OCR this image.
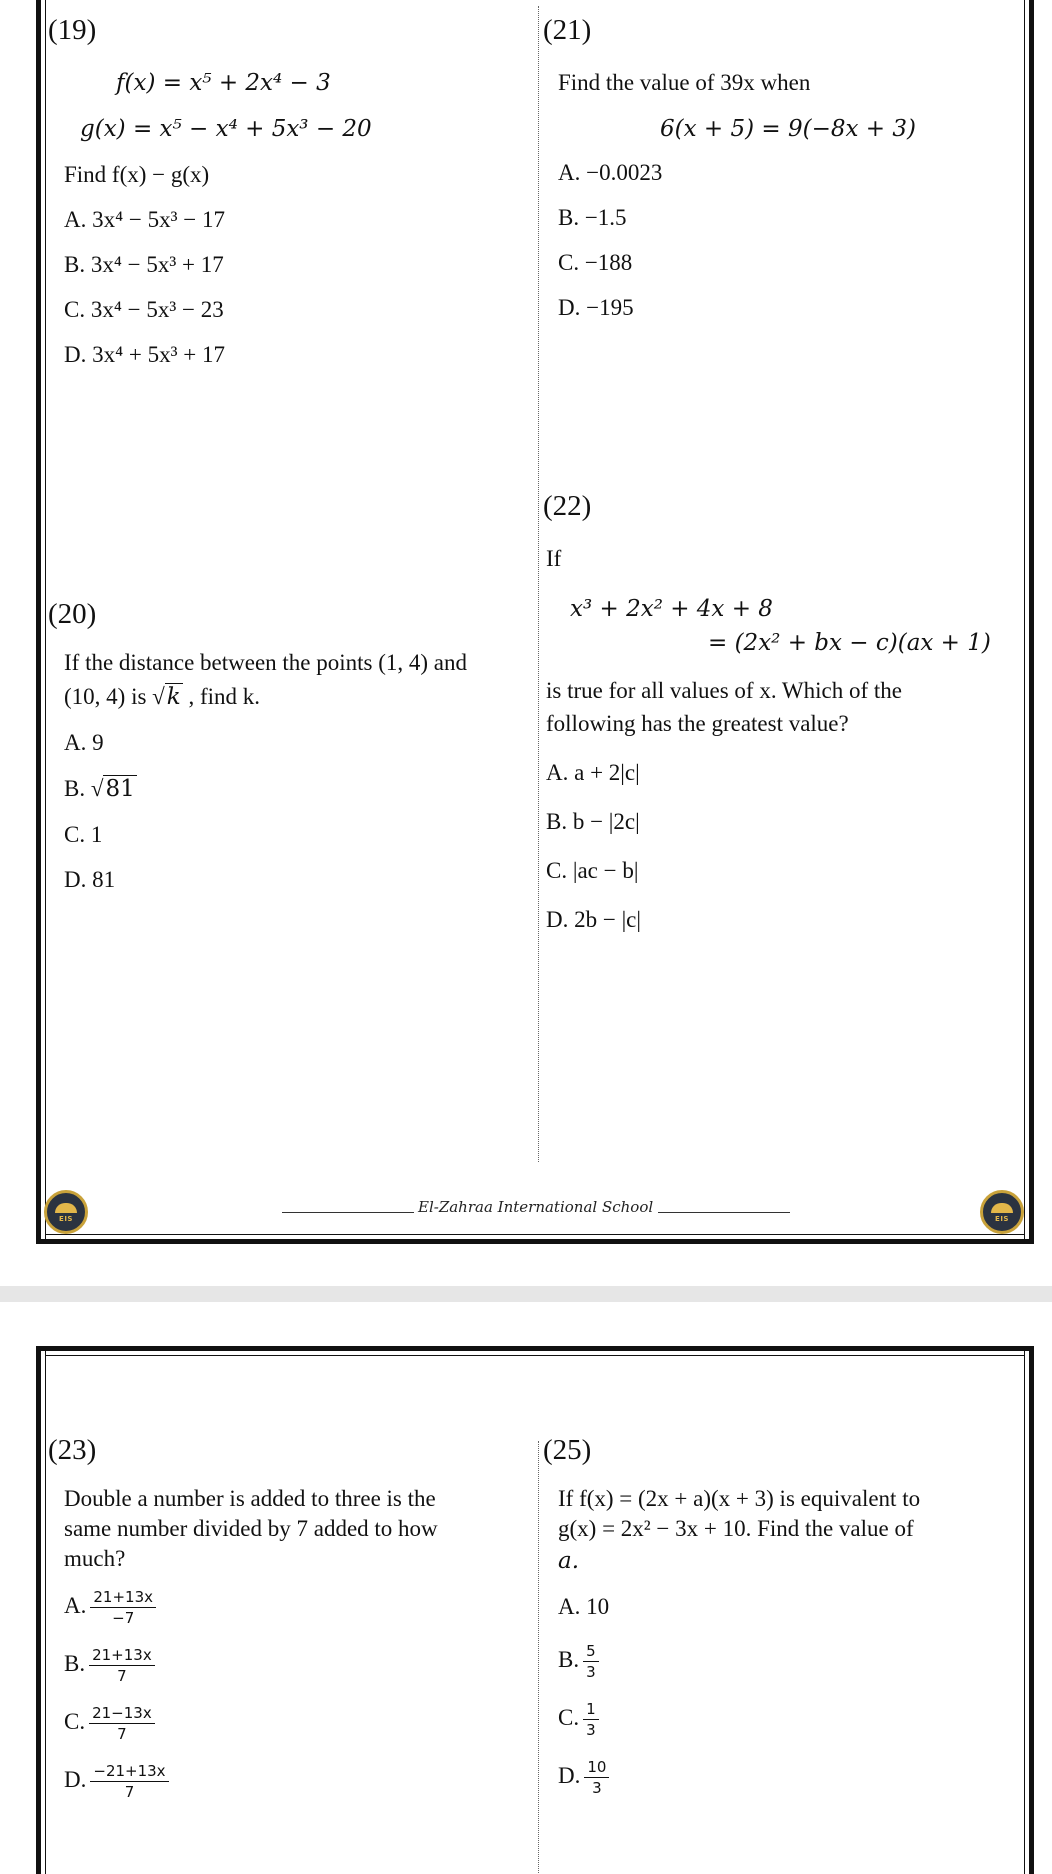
(19)
f(x) = x⁵ + 2x⁴ − 3
g(x) = x⁵ − x⁴ + 5x³ − 20
Find f(x) − g(x)
A. 3x⁴ − 5x³ − 17
B. 3x⁴ − 5x³ + 17
C. 3x⁴ − 5x³ − 23
D. 3x⁴ + 5x³ + 17
(21)
Find the value of 39x when
6(x + 5) = 9(−8x + 3)
A. −0.0023
B. −1.5
C. −188
D. −195
(22)
If
x³ + 2x² + 4x + 8
= (2x² + bx − c)(ax + 1)
is true for all values of x. Which of the
following has the greatest value?
A. a + 2|c|
B. b − |2c|
C. |ac − b|
D. 2b − |c|
(20)
If the distance between the points (1, 4) and
(10, 4) is √k , find k.
A. 9
B. √81
C. 1
D. 81
EIS
El-Zahraa International School
EIS
(23)
Double a number is added to three is the
same number divided by 7 added to how
much?
A. $\frac{21+13x}{-7}$
B. $\frac{21+13x}{7}$
C. $\frac{21-13x}{7}$
D. $\frac{-21+13x}{7}$
(25)
If f(x) = (2x + a)(x + 3) is equivalent to
g(x) = 2x² − 3x + 10. Find the value of
a.
A. 10
B. $\frac{5}{3}$
C. $\frac{1}{3}$
D. $\frac{10}{3}$
